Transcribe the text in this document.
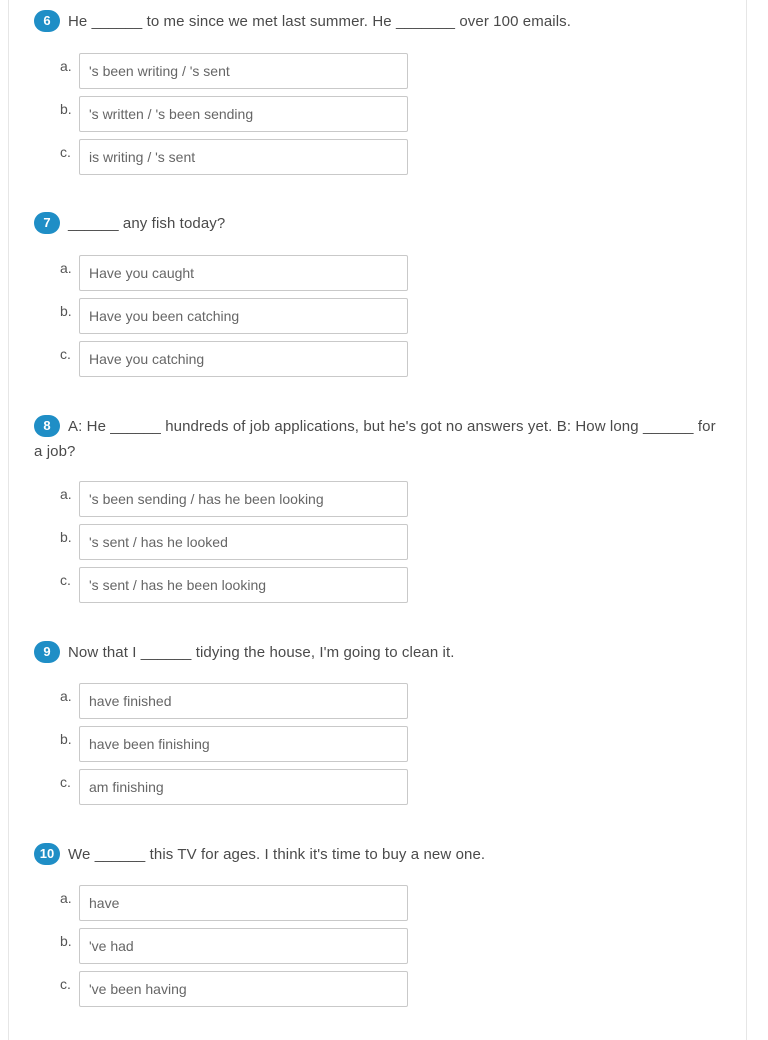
6 He ______ to me since we met last summer. He _______ over 100 emails.
a.	's been writing / 's sent
b.	's written / 's been sending
c.	is writing / 's sent
7 ______ any fish today?
a.	Have you caught
b.	Have you been catching
c.	Have you catching
8 A: He ______ hundreds of job applications, but he's got no answers yet. B: How long ______ for a job?
a.	's been sending / has he been looking
b.	's sent / has he looked
c.	's sent / has he been looking
9 Now that I ______ tidying the house, I'm going to clean it.
a.	have finished
b.	have been finishing
c.	am finishing
10 We ______ this TV for ages. I think it's time to buy a new one.
a.	have
b.	've had
c.	've been having
